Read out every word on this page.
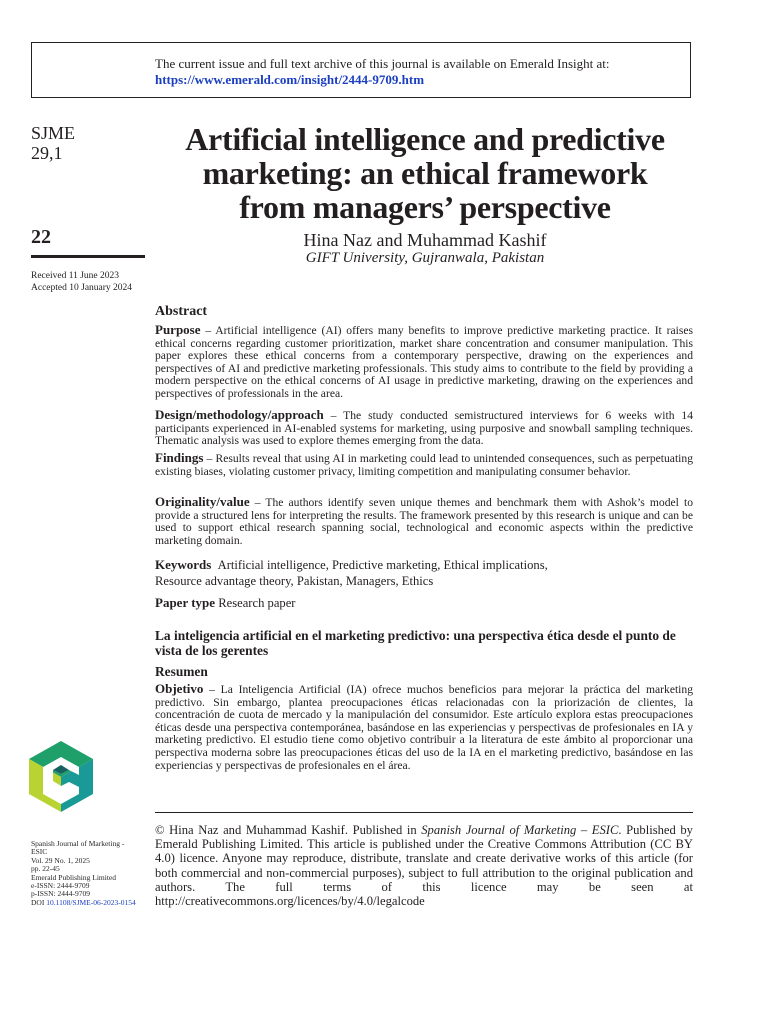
The current issue and full text archive of this journal is available on Emerald Insight at:
https://www.emerald.com/insight/2444-9709.htm
SJME
29,1
22
Received 11 June 2023
Accepted 10 January 2024
Artificial intelligence and predictive
marketing: an ethical framework
from managers’ perspective
Hina Naz and Muhammad Kashif
GIFT University, Gujranwala, Pakistan
Abstract
Purpose – Artificial intelligence (AI) offers many benefits to improve predictive marketing practice. It raises ethical concerns regarding customer prioritization, market share concentration and consumer manipulation. This paper explores these ethical concerns from a contemporary perspective, drawing on the experiences and perspectives of AI and predictive marketing professionals. This study aims to contribute to the field by providing a modern perspective on the ethical concerns of AI usage in predictive marketing, drawing on the experiences and perspectives of professionals in the area.
Design/methodology/approach – The study conducted semistructured interviews for 6 weeks with 14 participants experienced in AI-enabled systems for marketing, using purposive and snowball sampling techniques. Thematic analysis was used to explore themes emerging from the data.
Findings – Results reveal that using AI in marketing could lead to unintended consequences, such as perpetuating existing biases, violating customer privacy, limiting competition and manipulating consumer behavior.
Originality/value – The authors identify seven unique themes and benchmark them with Ashok’s model to provide a structured lens for interpreting the results. The framework presented by this research is unique and can be used to support ethical research spanning social, technological and economic aspects within the predictive marketing domain.
Keywords Artificial intelligence, Predictive marketing, Ethical implications,
Resource advantage theory, Pakistan, Managers, Ethics
Paper type Research paper
La inteligencia artificial en el marketing predictivo: una perspectiva ética desde el punto de vista de los gerentes
Resumen
Objetivo – La Inteligencia Artificial (IA) ofrece muchos beneficios para mejorar la práctica del marketing predictivo. Sin embargo, plantea preocupaciones éticas relacionadas con la priorización de clientes, la concentración de cuota de mercado y la manipulación del consumidor. Este artículo explora estas preocupaciones éticas desde una perspectiva contemporánea, basándose en las experiencias y perspectivas de profesionales en IA y marketing predictivo. El estudio tiene como objetivo contribuir a la literatura de este ámbito al proporcionar una perspectiva moderna sobre las preocupaciones éticas del uso de la IA en el marketing predictivo, basándose en las experiencias y perspectivas de profesionales en el área.
© Hina Naz and Muhammad Kashif. Published in Spanish Journal of Marketing – ESIC. Published by Emerald Publishing Limited. This article is published under the Creative Commons Attribution (CC BY 4.0) licence. Anyone may reproduce, distribute, translate and create derivative works of this article (for both commercial and non-commercial purposes), subject to full attribution to the original publication and authors. The full terms of this licence may be seen at http://creativecommons.org/licences/by/4.0/legalcode
Spanish Journal of Marketing - ESIC
Vol. 29 No. 1, 2025
pp. 22-45
Emerald Publishing Limited
e-ISSN: 2444-9709
p-ISSN: 2444-9709
DOI 10.1108/SJME-06-2023-0154
